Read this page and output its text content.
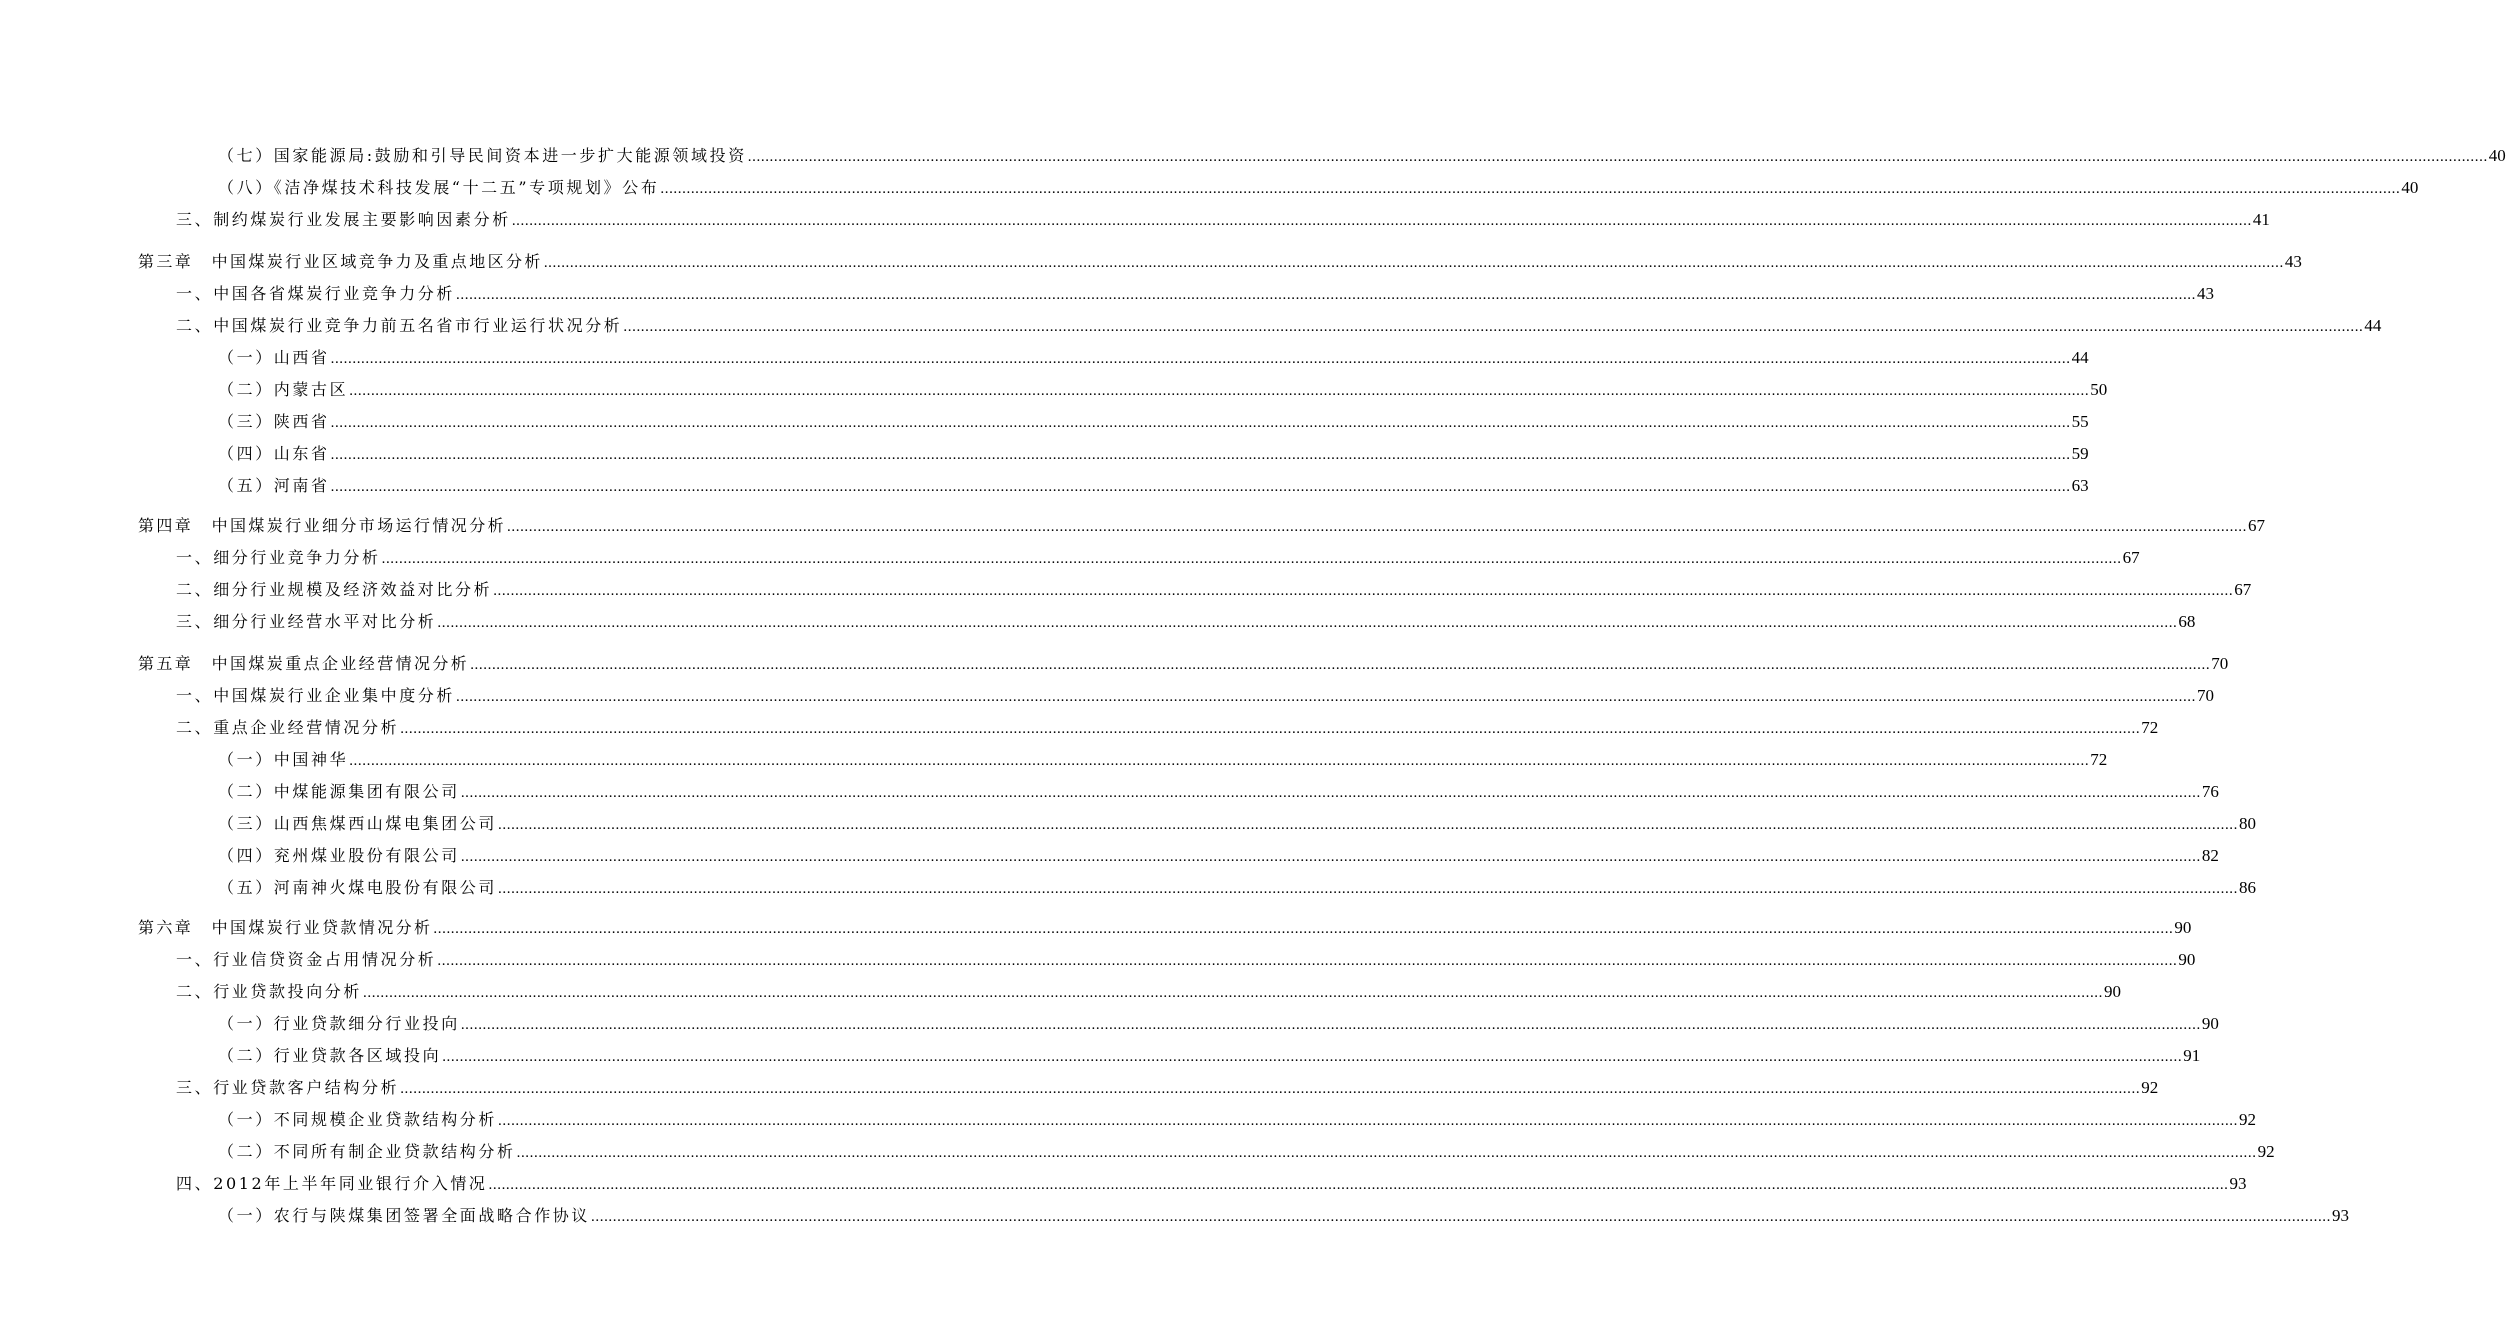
（七）国家能源局:鼓励和引导民间资本进一步扩大能源领域投资 ................................................................................................................................................................................................................................................................................................................................................................................................................ 40
（八）《洁净煤技术科技发展“十二五”专项规划》公布 ................................................................................................................................................................................................................................................................................................................................................................................................................ 40
三、制约煤炭行业发展主要影响因素分析 ................................................................................................................................................................................................................................................................................................................................................................................................................ 41
第三章　中国煤炭行业区域竞争力及重点地区分析 ................................................................................................................................................................................................................................................................................................................................................................................................................ 43
一、中国各省煤炭行业竞争力分析 ................................................................................................................................................................................................................................................................................................................................................................................................................ 43
二、中国煤炭行业竞争力前五名省市行业运行状况分析 ................................................................................................................................................................................................................................................................................................................................................................................................................ 44
（一）山西省 ................................................................................................................................................................................................................................................................................................................................................................................................................ 44
（二）内蒙古区 ................................................................................................................................................................................................................................................................................................................................................................................................................ 50
（三）陕西省 ................................................................................................................................................................................................................................................................................................................................................................................................................ 55
（四）山东省 ................................................................................................................................................................................................................................................................................................................................................................................................................ 59
（五）河南省 ................................................................................................................................................................................................................................................................................................................................................................................................................ 63
第四章　中国煤炭行业细分市场运行情况分析 ................................................................................................................................................................................................................................................................................................................................................................................................................ 67
一、细分行业竞争力分析 ................................................................................................................................................................................................................................................................................................................................................................................................................ 67
二、细分行业规模及经济效益对比分析 ................................................................................................................................................................................................................................................................................................................................................................................................................ 67
三、细分行业经营水平对比分析 ................................................................................................................................................................................................................................................................................................................................................................................................................ 68
第五章　中国煤炭重点企业经营情况分析 ................................................................................................................................................................................................................................................................................................................................................................................................................ 70
一、中国煤炭行业企业集中度分析 ................................................................................................................................................................................................................................................................................................................................................................................................................ 70
二、重点企业经营情况分析 ................................................................................................................................................................................................................................................................................................................................................................................................................ 72
（一）中国神华 ................................................................................................................................................................................................................................................................................................................................................................................................................ 72
（二）中煤能源集团有限公司 ................................................................................................................................................................................................................................................................................................................................................................................................................ 76
（三）山西焦煤西山煤电集团公司 ................................................................................................................................................................................................................................................................................................................................................................................................................ 80
（四）兖州煤业股份有限公司 ................................................................................................................................................................................................................................................................................................................................................................................................................ 82
（五）河南神火煤电股份有限公司 ................................................................................................................................................................................................................................................................................................................................................................................................................ 86
第六章　中国煤炭行业贷款情况分析 ................................................................................................................................................................................................................................................................................................................................................................................................................ 90
一、行业信贷资金占用情况分析 ................................................................................................................................................................................................................................................................................................................................................................................................................ 90
二、行业贷款投向分析 ................................................................................................................................................................................................................................................................................................................................................................................................................ 90
（一）行业贷款细分行业投向 ................................................................................................................................................................................................................................................................................................................................................................................................................ 90
（二）行业贷款各区域投向 ................................................................................................................................................................................................................................................................................................................................................................................................................ 91
三、行业贷款客户结构分析 ................................................................................................................................................................................................................................................................................................................................................................................................................ 92
（一）不同规模企业贷款结构分析 ................................................................................................................................................................................................................................................................................................................................................................................................................ 92
（二）不同所有制企业贷款结构分析 ................................................................................................................................................................................................................................................................................................................................................................................................................ 92
四、2012年上半年同业银行介入情况 ................................................................................................................................................................................................................................................................................................................................................................................................................ 93
（一）农行与陕煤集团签署全面战略合作协议 ................................................................................................................................................................................................................................................................................................................................................................................................................ 93
